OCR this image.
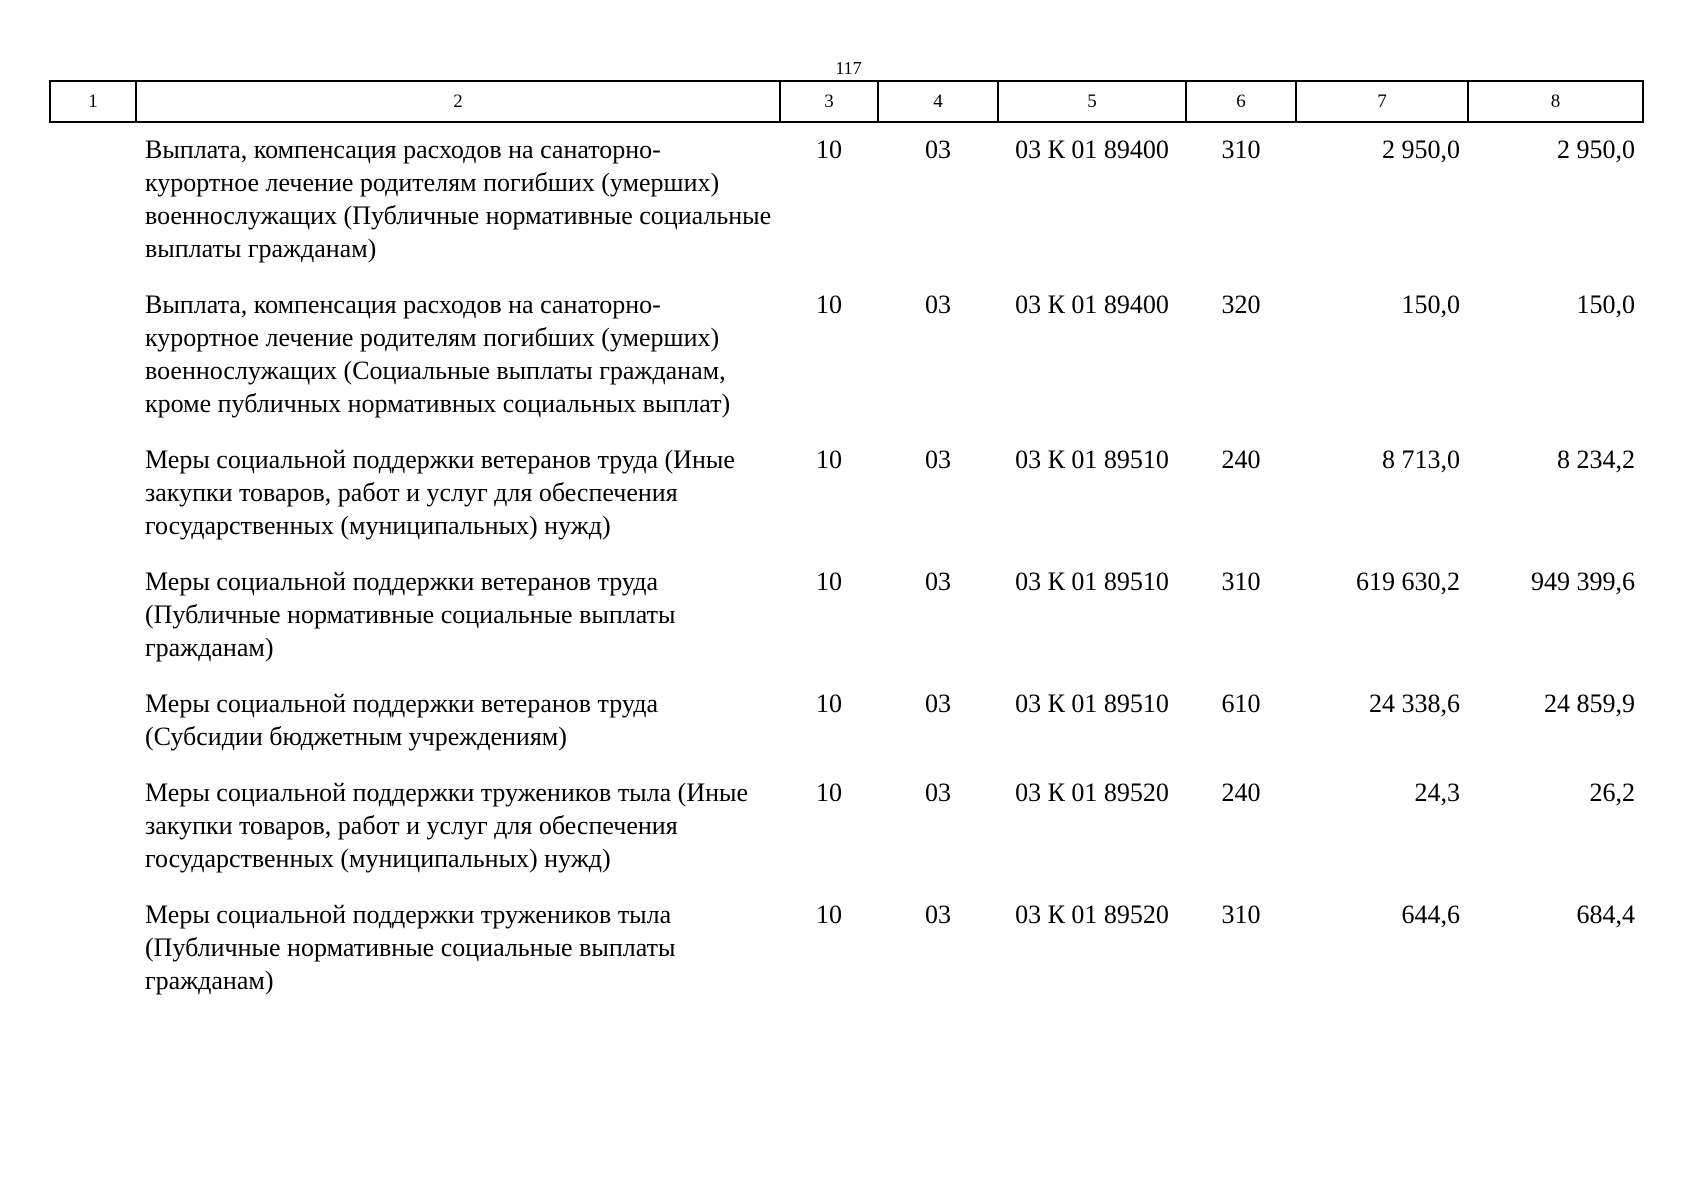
117
1	2	3	4	5	6	7	8
	Выплата, компенсация расходов на санаторно-курортное лечение родителям погибших (умерших) военнослужащих (Публичные нормативные социальные выплаты гражданам)	10	03	03 К 01 89400	310	2 950,0	2 950,0
	Выплата, компенсация расходов на санаторно-курортное лечение родителям погибших (умерших) военнослужащих (Социальные выплаты гражданам, кроме публичных нормативных социальных выплат)	10	03	03 К 01 89400	320	150,0	150,0
	Меры социальной поддержки ветеранов труда (Иные закупки товаров, работ и услуг для обеспечения государственных (муниципальных) нужд)	10	03	03 К 01 89510	240	8 713,0	8 234,2
	Меры социальной поддержки ветеранов труда (Публичные нормативные социальные выплаты гражданам)	10	03	03 К 01 89510	310	619 630,2	949 399,6
	Меры социальной поддержки ветеранов труда (Субсидии бюджетным учреждениям)	10	03	03 К 01 89510	610	24 338,6	24 859,9
	Меры социальной поддержки тружеников тыла (Иные закупки товаров, работ и услуг для обеспечения государственных (муниципальных) нужд)	10	03	03 К 01 89520	240	24,3	26,2
	Меры социальной поддержки тружеников тыла (Публичные нормативные социальные выплаты гражданам)	10	03	03 К 01 89520	310	644,6	684,4
